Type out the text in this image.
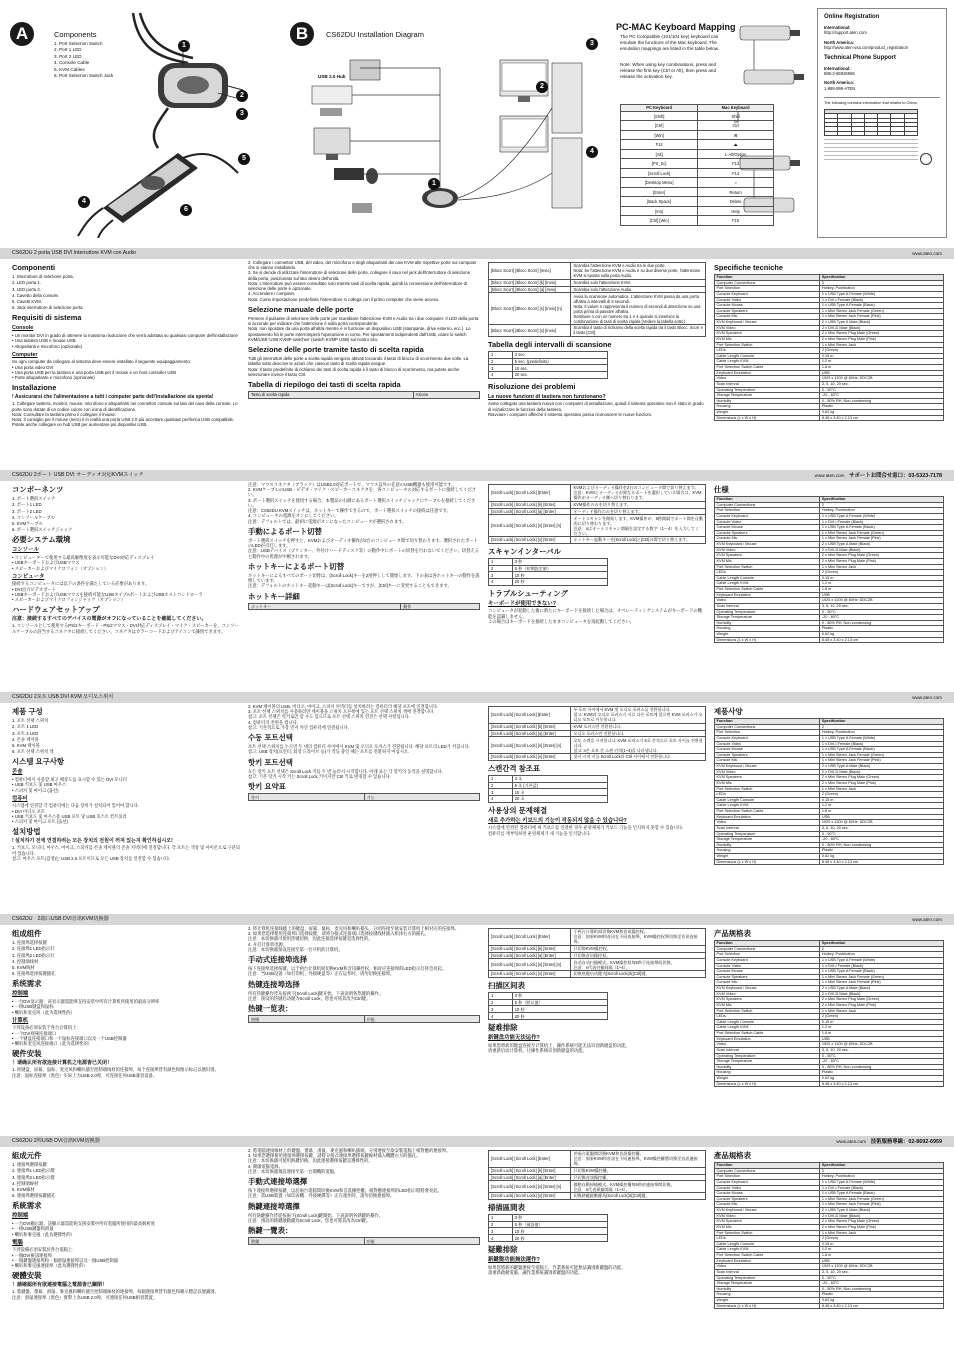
A	Components
1. Port Selection Switch
2. Port 1 LED
3. Port 2 LED
4. Console Cable
5. KVM Cables
6. Port Selection Switch Jack
1
2
3
4
5
6
B	CS62DU Installation Diagram
USB 2.0 Hub
1
2
3
4
PC-MAC Keyboard Mapping
The PC Compatible (101/104 key) keyboard can emulate the functions of the Mac keyboard. The emulation mappings are listed in the table below.
Note: When using key combinations, press and release the first key (Ctrl or Alt), then press and release the activation key.
PC Keyboard	Mac Keyboard
[Shift]	Shift
[Ctrl]	Ctrl
[Win]	⌘
F12	⏏
[Alt]	L-Alt/Option
[Prt_Sc]	F13
[Scroll Lock]	F14
[Desktop Menu]	=
[Enter]	Return
[Back Space]	Delete
[Ins]	Help
[Ctrl] [Win]	F15
Online Registration
International:
http://support.aten.com
North America:
http://www.aten-usa.com/product_registration
Technical Phone Support
International:
886-2-86926959
North America:
1-888-999-ATEN
The following contains information that relates to China:

CS62DU 2 porta USB DVI Interruttore KVM con Audio	www.aten.com
Componenti
1. Interruttore di selezione porta.
2. LED porta 1.
3. LED porta 2.
4. Cavetto della console.
5. Cavetti KVM.
6. Jack interruttore di selezione porta.
Requisiti di sistema
Console
• Un monitor DVI in grado di ottenere la massima risoluzione che verrà adottata su qualsiasi computer dell'installazione
• Una tastiera USB e mouse USB
• Altoparlanti e microfono (opzionale)
Computer
Su ogni computer da collegare al sistema deve essere installato il seguente equipaggiamento:
• Una porta video DVI
• Una porta USB per la tastiera e una porta USB per il mouse e un host controller USB
• Porte altoparlante e microfono (opzionale)
Installazione
! Assicurarsi che l'alimentazione a tutti i computer parte dell'installazione sia spenta!
1. Collegare tastiera, monitor, mouse, microfono e altoparlanti nei connettori console sul lato del cavo della console. Le porte sono dotate di un codice colore con icona di identificazione.
Nota: Consultare la tastiera primo il collegare il mouse.
Nota: Il consiglio per il mouse (nero) è in realtà una porta USB 2.0 più accettare qualsiasi periferica USB compatibile. Potete anche collegare un hub USB per aumentare più dispositivi USB.
2. Collegare i connettori USB, del video, del microfono e degli altoparlanti dei cavi KVM alle rispettive porte sui computer che si stanno installando.
3. Se si decide di utilizzare l'interruttore di selezione delle porte, collegare il cavo nel jack dell'interruttore di selezione della porta, posizionato sul lato destro dell'unità.
Nota: L'interruttore può essere consultato solo tramite tasti di scelta rapida, quindi la connessione dell'interruttore di selezione delle porte è opzionale.
4. Accendere i computer.
Nota: Come impostazione predefinita l'interruttore si collega con il primo computer che viene acceso.
Selezione manuale delle porte
Premere il pulsante di selezione delle porte per scambiare l'attenzione KVM e Audio tra i due computer. Il LED della porta si accende per indicare che l'attenzione è sulla porta corrispondente.
Nota: non spostare da una porta all'altra mentre è in funzione un dispositivo USB (stampante, drive esterno, ecc.). Lo spostamento fra le porte interromperà l'operazione in corso. Per spostamenti indipendenti dall'USB, usare lo switch KVM/USB 'USB KVMP switches' (switch KVMP USB) sul nostro sito.
Selezione delle porte tramite tasto di scelta rapida
Tutti gli interruttori delle porte a scelta rapida vengono attivati toccando il tasto di blocco di scorrimento due volte. La tabella sotto descrive le azioni che ciascun tasto di scelta rapida esegue.
Nota: Il tasto predefinito di richiamo dei tasti di scelta rapida è il tasto di blocco di scorrimento, ma potete anche selezionare invece il tasto Ctrl.
Tabella di riepilogo dei tasti di scelta rapida
Tasto di scelta rapida	Azione
[Blocc Scorr] [Blocc Scorr] [Invio]	Scambia l'attenzione KVM e Audio tra le due porte.
Nota: Se l'attenzione KVM e Audio è su due diverse porte, l'attenzione KVM si sposta sulla porta Audio.
[Blocc Scorr] [Blocc Scorr] [k] [Invio]	Scambia solo l'attenzione KVM.
[Blocc Scorr] [Blocc Scorr] [a] [Invio]	Scambia solo l'attenzione Audio.
[Blocc Scorr] [Blocc Scorr] [s] [Invio] [n]	Avvia la scansione automatica. L'attenzione KVM passa da una porta all'altra a intervalli di 5 secondi.
Nota: Il valore n rappresenta il numero di secondi di attenzione su una porta prima di passare all'altra.
Sostituire n con un numero tra 1 e 4 quando si inserisce la combinazione di tasti di scelta rapida (Vedere la tabella sotto).
[Blocc Scorr] [Blocc Scorr] [x] [Invio]	Scambia il tasto di richiamo della scelta rapida tra il tasto Blocc. Scorr e il tasto [Ctrl].
Tabella degli intervalli di scansione
1	3 sec.
2	5 sec. (predefinito)
3	10 sec.
4	20 sec.
Risoluzione dei problemi
Le nuove funzioni di tastiera non funzionano?
Avete collegato una tastiera nuova con i computer di installazione, quindi il sistema operativo non è stato in grado di inizializzare le funzioni della tastiera.
Riavviare i computer affinché il sistema operativo possa riconoscere le nuove funzioni.
Specifiche tecniche
Function	Specification
Computer Connections	2
Port Selection	Hotkey, Pushbutton
Console Keyboard	1 x USB Type A Female (White)
Console Video	1 x DVI-I Female (Black)
Console Mouse	1 x USB Type A Female (Black)
Console Speakers	1 x Mini Stereo Jack Female (Green)
Console Mic	1 x Mini Stereo Jack Female (Pink)
KVM Keyboard / Mouse	2 x USB Type A Male (Black)
KVM Video	2 x DVI-D Male (Black)
KVM Speakers	2 x Mini Stereo Plug Male (Green)
KVM Mic	2 x Mini Stereo Plug Male (Pink)
Port Selection Switch	1 x Mini Stereo Jack
LEDs	2 (Green)
Cable Length Console	0.15 m
Cable Length KVM	1.2 m
Port Selection Switch Cable	1.8 m
Keyboard Emulation	USB
Video	1920 x 1200 @ 60Hz; DDC2B
Scan Interval	3, 5, 10, 20 sec.
Operating Temperature	0 - 50°C
Storage Temperature	-20 - 60°C
Humidity	0 - 80% RH, Non-condensing
Housing	Plastic
Weight	0.62 kg
Dimensions (L x W x H)	8.45 x 3.40 x 2.13 cm
CS62DU 2ポート USB DVI オーディオ対応KVMスイッチ	www.aten.com　 サポートお問合せ窓口：03-5323-7178
コンポーネンツ
1. ポート選択スイッチ
2. ポート1 LED
3. ポート2 LED
4. コンソールケーブル
5. KVMケーブル
6. ポート選択スイッチジャック
必要システム環境
コンソール
• コンピューターで使用する最高解像度を表示可能なDVI対応ディスプレイ
• USBキーボードおよびUSBマウス
• スピーカーおよびマイクロフォン（オプション）
コンピュータ
接続するコンピュータには以下の条件を満たしている必要があります。
• DVI出力ビデオポート
• USBキーボードおよびUSBマウスを接続可能なUSBタイプAポートおよびUSBホストコントローラ
• スピーカーおよびマイクロフォンジャック（オプション）
ハードウェアセットアップ
注意：接続するすべてのデバイスの電源がオフになっていることを確認してください。
1. コンソールとして使用するPS/2キーボード・PS/2マウス・DVI対応ディスプレイ・マイク・スピーカーを、コンソールケーブルの該当するコネクタに接続してください。コネクタはカラーコードおよびアイコンで識別できます。
注意：マウスコネクタ（ブラック）はUSB2.0対応ポートで、マウス以外の任意のUSB機器も使用可能です。
2. KVMケーブルのUSB・ビデオ・マイク・スピーカーコネクタを、各コンピュータの対応するポートに接続してください。
3. ポート選択スイッチを使用する場合、本製品の右側にあるポート選択スイッチジャックにケーブルを接続してください。
注意：CS62DU KVMスイッチは、ホットキーで操作できるので、ポート選択スイッチの接続は任意です。
4. コンピュータの電源をオンにしてください。
注意：デフォルトでは、最初に電源がオンになったコンピュータが選択されます。
手動によるポート切替
ポート選択スイッチを押すと、KVMおよびオーディオ操作が2台のコンピュータ間で切り替わります。選択されたポートのLEDが点灯します。
注意：USBデバイス（プリンター、外付けハードディスク等）の動作中にポートの切替を行わないでください。切替えると動作中の処理が中断されます。
ホットキーによるポート切替
ホットキーによるすべてのポート切替は、[Scroll Lock]キーを2度押しして開始します。下の表は各ホットキーの動作を説明しています。
注意：デフォルトのホットキー起動キーは[Scroll Lock]キーですが、[Ctrl]キーに変更することもできます。
ホットキー詳細
ホットキー	動作
[Scroll Lock] [Scroll Lock] [Enter]	KVMおよびオーディオ操作を2台のコンピュータ間で切り替えます。
注意：KVMとオーディオが異なるポートを選択している場合は、KVM操作がオーディオ側へ切り替わります。
[Scroll Lock] [Scroll Lock] [k] [Enter]	KVM操作のみを切り替えます。
[Scroll Lock] [Scroll Lock] [a] [Enter]	オーディオ操作のみを切り替えます。
[Scroll Lock] [Scroll Lock] [s] [Enter] [n]	オートスキャンを開始します。KVM操作が、5秒間隔でポート間を自動的に切り替わります。
注意：nはオートスキャン間隔を設定する数字（1〜4）を入力してください。
[Scroll Lock] [Scroll Lock] [x] [Enter]	ホットキー起動キーを[Scroll Lock]と[Ctrl]の間で切り替えます。
スキャンインターバル
1	3 秒
2	5 秒（初期設定値）
3	10 秒
4	20 秒
トラブルシューティング
キーボードが使用できない?
コンピュータが起動した後に新たにキーボードを接続した場合は、オペレーティングシステムがキーボードの機能を認識しません。
この場合はキーボードを接続したままコンピュータを再起動してください。
仕様
Function	Specification
Computer Connections	2
Port Selection	Hotkey, Pushbutton
Console Keyboard	1 x USB Type A Female (White)
Console Video	1 x DVI-I Female (Black)
Console Mouse	1 x USB Type A Female (Black)
Console Speakers	1 x Mini Stereo Jack Female (Green)
Console Mic	1 x Mini Stereo Jack Female (Pink)
KVM Keyboard / Mouse	2 x USB Type A Male (Black)
KVM Video	2 x DVI-D Male (Black)
KVM Speakers	2 x Mini Stereo Plug Male (Green)
KVM Mic	2 x Mini Stereo Plug Male (Pink)
Port Selection Switch	1 x Mini Stereo Jack
LEDs	2 (Green)
Cable Length Console	0.15 m
Cable Length KVM	1.2 m
Port Selection Switch Cable	1.8 m
Keyboard Emulation	USB
Video	1920 x 1200 @ 60Hz; DDC2B
Scan Interval	3, 5, 10, 20 sec.
Operating Temperature	0 - 50°C
Storage Temperature	-20 - 60°C
Humidity	0 - 80% RH, Non-condensing
Housing	Plastic
Weight	0.62 kg
Dimensions (L x W x H)	8.45 x 3.40 x 2.13 cm
CS62DU 2포트 USB DVI KVM 오디오스위치	www.aten.com
제품 구성
1. 포트 선택 스위치
2. 포트 1 LED
3. 포트 2 LED
4. 콘솔 케이블
5. KVM 케이블
6. 포트 선택 스위치 잭
시스템 요구사항
콘솔
• 컴퓨터에서 사용할 최고 해상도를 표시할 수 있는 DVI 모니터
• USB 키보드 및 USB 마우스
• 스피커 및 마이크 (옵션)
컴퓨터
시스템에 연결할 각 컴퓨터에는 다음 장비가 설치되어 있어야 합니다.
• DVI 비디오 포트
• USB 키보드 및 마우스용 USB 포트 및 USB 호스트 컨트롤러
• 스피커 및 마이크 포트 (옵션)
설치방법
! 설치하기 전에 연결하려는 모든 장치의 전원이 꺼져 있는지 확인하십시오!
1. 키보드, 모니터, 마우스, 마이크, 스피커를 콘솔 케이블의 콘솔 커넥터에 연결합니다. 각 포트는 색상 및 아이콘으로 구분되어 있습니다.
참고: 마우스 포트(검정)는 USB 2.0 포트이므로 모든 USB 장치를 연결할 수 있습니다.
2. KVM 케이블의 USB, 비디오, 마이크, 스피커 커넥터를 설치하려는 컴퓨터의 해당 포트에 연결합니다.
3. 포트 선택 스위치를 사용하려면 케이블을 스위치 오른쪽에 있는 포트 선택 스위치 잭에 연결합니다.
참고: 포트 선택은 핫키로만 할 수도 있으므로 포트 선택 스위치 연결은 선택 사항입니다.
4. 컴퓨터의 전원을 켭니다.
참고: 기본적으로 가장 먼저 켜진 컴퓨터에 연결됩니다.
수동 포트선택
포트 선택 스위치를 누르면 두 대의 컴퓨터 사이에서 KVM 및 오디오 포커스가 전환됩니다. 해당 포트의 LED가 켜집니다.
참고: USB 장치(프린터, 외장 드라이브 등)가 작동 중일 때는 포트를 전환하지 마십시오.
핫키 포트선택
모든 핫키 포트 선택은 Scroll Lock 키를 두 번 눌러서 시작합니다. 아래 표는 각 핫키의 동작을 설명합니다.
참고: 기본 핫키 시작 키는 Scroll Lock 키이지만 Ctrl 키로 변경할 수 있습니다.
핫키 요약표
핫키	기능
[Scroll Lock] [Scroll Lock] [Enter]	두 포트 사이에서 KVM 및 오디오 포커스를 전환합니다.
참고: KVM과 오디오 포커스가 서로 다른 포트에 있으면 KVM 포커스가 오디오 포트로 이동합니다.
[Scroll Lock] [Scroll Lock] [k] [Enter]	KVM 포커스만 전환합니다.
[Scroll Lock] [Scroll Lock] [a] [Enter]	오디오 포커스만 전환합니다.
[Scroll Lock] [Scroll Lock] [s] [Enter] [n]	오토 스캔을 시작합니다. KVM 포커스가 5초 간격으로 포트 사이를 전환합니다.
참고: n은 포트 간 스캔 간격(1~4)을 나타냅니다.
[Scroll Lock] [Scroll Lock] [x] [Enter]	핫키 시작 키를 Scroll Lock과 Ctrl 사이에서 전환합니다.
스캔간격 참조표
1	3 초
2	5 초 (기본값)
3	10 초
4	20 초
사용상의 문제해결
새로 추가하는 키보드의 기능이 작동되지 않을 수 있습니다?
시스템에 연결된 컴퓨터에 새 키보드를 연결한 경우 운영체제가 키보드 기능을 인식하지 못할 수 있습니다.
컴퓨터를 재부팅하면 운영체제가 새 기능을 인식합니다.
제품사양
Function	Specification
Computer Connections	2
Port Selection	Hotkey, Pushbutton
Console Keyboard	1 x USB Type A Female (White)
Console Video	1 x DVI-I Female (Black)
Console Mouse	1 x USB Type A Female (Black)
Console Speakers	1 x Mini Stereo Jack Female (Green)
Console Mic	1 x Mini Stereo Jack Female (Pink)
KVM Keyboard / Mouse	2 x USB Type A Male (Black)
KVM Video	2 x DVI-D Male (Black)
KVM Speakers	2 x Mini Stereo Plug Male (Green)
KVM Mic	2 x Mini Stereo Plug Male (Pink)
Port Selection Switch	1 x Mini Stereo Jack
LEDs	2 (Green)
Cable Length Console	0.15 m
Cable Length KVM	1.2 m
Port Selection Switch Cable	1.8 m
Keyboard Emulation	USB
Video	1920 x 1200 @ 60Hz; DDC2B
Scan Interval	3, 5, 10, 20 sec.
Operating Temperature	0 - 50°C
Storage Temperature	-20 - 60°C
Humidity	0 - 80% RH, Non-condensing
Housing	Plastic
Weight	0.62 kg
Dimensions (L x W x H)	8.45 x 3.40 x 2.13 cm
CS62DU　2端口USB DVI音讯KVM切换器	www.aten.com
组成组件
1. 连接埠选择按键
2. 连接埠1 LED指示灯
3. 连接埠2 LED指示灯
4. 控制端线材
5. KVM线材
6. 连接埠选择按键插孔
系统需求
控制端
• 一台DVI显示器，该显示器需能够支持安装中所有计算机所使用的最高分辨率
• 一组USB键盘和鼠标
• 喇叭和麦克风（此为选择性的）
计算机
下列设备必须安装于各台计算机上：
• 一个DVI视频连接端口
• 一个键盘连接端口和一个鼠标连接端口以及一个USB控制器
• 喇叭和麦克风连接端口（此为选择性的）
硬件安装
！请确认所有欲连接计算机之电源皆已关闭！
1. 将键盘、屏幕、鼠标、麦克风和喇叭插至控制端线材的连接埠，每个连接埠皆有颜色和图示标记以便识别。
注意：鼠标连接埠（黑色）实际上为USB 2.0埠，可连接任何USB兼容设备。
2. 将计算机连接线缆上的键盘、屏幕、鼠标、麦克风和喇叭插头，分别连接至欲安装计算机上相对应的连接埠。
3. 如果您选择使用连接埠口选择按键，请将分接式连接端口选择按键线材插入机体右方的插孔。
注意：本切换器可使用热键切换，因此连接选择按键是选择性的。
4. 开启计算机电源。
注意：本切换器预设连接至第一台开机的计算机。
手动式连接埠选择
按下连接埠选择按键，以于两台计算机间切换KVM和音讯操控权。相对应连接埠的LED指示灯将会亮起。
注意：当USB设备（如打印机、外接硬盘等）正在运作时，请勿切换连接埠。
热键连接埠选择
所有热键操作皆从按两下[Scroll Lock]键开始。下表说明各热键的操作。
注意：预设的热键启动键为Scroll Lock，您也可将其改为Ctrl键。
热键一览表：
热键	功能
[Scroll Lock] [Scroll Lock] [Enter]	于两台计算机间切换KVM和音讯操控权。
注意：如果KVM和音讯在不同连接埠，KVM操控权将切换至音讯连接埠。
[Scroll Lock] [Scroll Lock] [k] [Enter]	只切换KVM操控权。
[Scroll Lock] [Scroll Lock] [a] [Enter]	只切换音讯操控权。
[Scroll Lock] [Scroll Lock] [s] [Enter] [n]	启动自动扫描模式。KVM操控权每5秒于连接埠间切换。
注意：n代表扫描间隔（1~4）。
[Scroll Lock] [Scroll Lock] [x] [Enter]	切换热键启动键为[Scroll Lock]或[Ctrl]键。
扫描区间表
1	3 秒
2	5 秒（默认值）
3	10 秒
4	20 秒
疑难排除
新键盘功能无法运作?
如果您将新的键盘连接至计算机上，操作系统可能无法识别新键盘的功能。
请重新启动计算机，让操作系统识别新键盘的功能。
产品规格表
Function	Specification
Computer Connections	2
Port Selection	Hotkey, Pushbutton
Console Keyboard	1 x USB Type A Female (White)
Console Video	1 x DVI-I Female (Black)
Console Mouse	1 x USB Type A Female (Black)
Console Speakers	1 x Mini Stereo Jack Female (Green)
Console Mic	1 x Mini Stereo Jack Female (Pink)
KVM Keyboard / Mouse	2 x USB Type A Male (Black)
KVM Video	2 x DVI-D Male (Black)
KVM Speakers	2 x Mini Stereo Plug Male (Green)
KVM Mic	2 x Mini Stereo Plug Male (Pink)
Port Selection Switch	1 x Mini Stereo Jack
LEDs	2 (Green)
Cable Length Console	0.15 m
Cable Length KVM	1.2 m
Port Selection Switch Cable	1.8 m
Keyboard Emulation	USB
Video	1920 x 1200 @ 60Hz; DDC2B
Scan Interval	3, 5, 10, 20 sec.
Operating Temperature	0 - 50°C
Storage Temperature	-20 - 60°C
Humidity	0 - 80% RH, Non-condensing
Housing	Plastic
Weight	0.62 kg
Dimensions (L x W x H)	8.45 x 3.40 x 2.13 cm
CS62DU 2埠USB DVI音訊KVM切換器	www.aten.com　 技術服務專線：02-8692-6959
組成元件
1. 連接埠選擇按鍵
2. 連接埠1 LED指示燈
3. 連接埠2 LED指示燈
4. 控制端線材
5. KVM線材
6. 連接埠選擇按鍵插孔
系統需求
控制端
• 一台DVI顯示器，該顯示器需能夠支援安裝中所有電腦所使用的最高解析度
• 一組USB鍵盤和滑鼠
• 喇叭和麥克風（此為選擇性的）
電腦
下列設備必須安裝於各台電腦上：
• 一個DVI視訊連接埠
• 一個鍵盤連接埠和一個滑鼠連接埠以及一個USB控制器
• 喇叭和麥克風連接埠（此為選擇性的）
硬體安裝
！請確認所有欲連接電腦之電源皆已關閉！
1. 將鍵盤、螢幕、滑鼠、麥克風和喇叭插至控制端線材的連接埠，每個連接埠皆有顏色和圖示標記以便識別。
注意：滑鼠連接埠（黑色）實際上為USB 2.0埠，可連接任何USB相容裝置。
2. 將電腦連接線材上的鍵盤、螢幕、滑鼠、麥克風和喇叭插頭，分別連接至欲安裝電腦上相對應的連接埠。
3. 如果您選擇使用連接埠選擇按鍵，請將分接式連接埠選擇按鍵線材插入機體右方的插孔。
注意：本切換器可使用熱鍵切換，因此連接選擇按鍵是選擇性的。
4. 開啟電腦電源。
注意：本切換器預設連接至第一台開機的電腦。
手動式連接埠選擇
按下連接埠選擇按鍵，以於兩台電腦間切換KVM和音訊操控權。相對應連接埠的LED指示燈將會亮起。
注意：當USB裝置（如印表機、外接硬碟等）正在運作時，請勿切換連接埠。
熱鍵連接埠選擇
所有熱鍵操作皆從按兩下[Scroll Lock]鍵開始。下表說明各熱鍵的操作。
注意：預設的熱鍵啟動鍵為Scroll Lock，您也可將其改為Ctrl鍵。
熱鍵一覽表：
熱鍵	功能
[Scroll Lock] [Scroll Lock] [Enter]	於兩台電腦間切換KVM和音訊操控權。
注意：如果KVM和音訊在不同連接埠，KVM操控權將切換至音訊連接埠。
[Scroll Lock] [Scroll Lock] [k] [Enter]	只切換KVM操控權。
[Scroll Lock] [Scroll Lock] [a] [Enter]	只切換音訊操控權。
[Scroll Lock] [Scroll Lock] [s] [Enter] [n]	啟動自動掃描模式。KVM操控權每5秒於連接埠間切換。
注意：n代表掃描間隔（1~4）。
[Scroll Lock] [Scroll Lock] [x] [Enter]	切換熱鍵啟動鍵為[Scroll Lock]或[Ctrl]鍵。
掃描區間表
1	3 秒
2	5 秒（預設值）
3	10 秒
4	20 秒
疑難排除
新鍵盤功能無法運作?
如果您將新的鍵盤連接至電腦上，作業系統可能無法識別新鍵盤的功能。
請重新啟動電腦，讓作業系統識別新鍵盤的功能。
產品規格表
Function	Specification
Computer Connections	2
Port Selection	Hotkey, Pushbutton
Console Keyboard	1 x USB Type A Female (White)
Console Video	1 x DVI-I Female (Black)
Console Mouse	1 x USB Type A Female (Black)
Console Speakers	1 x Mini Stereo Jack Female (Green)
Console Mic	1 x Mini Stereo Jack Female (Pink)
KVM Keyboard / Mouse	2 x USB Type A Male (Black)
KVM Video	2 x DVI-D Male (Black)
KVM Speakers	2 x Mini Stereo Plug Male (Green)
KVM Mic	2 x Mini Stereo Plug Male (Pink)
Port Selection Switch	1 x Mini Stereo Jack
LEDs	2 (Green)
Cable Length Console	0.15 m
Cable Length KVM	1.2 m
Port Selection Switch Cable	1.8 m
Keyboard Emulation	USB
Video	1920 x 1200 @ 60Hz; DDC2B
Scan Interval	3, 5, 10, 20 sec.
Operating Temperature	0 - 50°C
Storage Temperature	-20 - 60°C
Humidity	0 - 80% RH, Non-condensing
Housing	Plastic
Weight	0.62 kg
Dimensions (L x W x H)	8.45 x 3.40 x 2.13 cm
